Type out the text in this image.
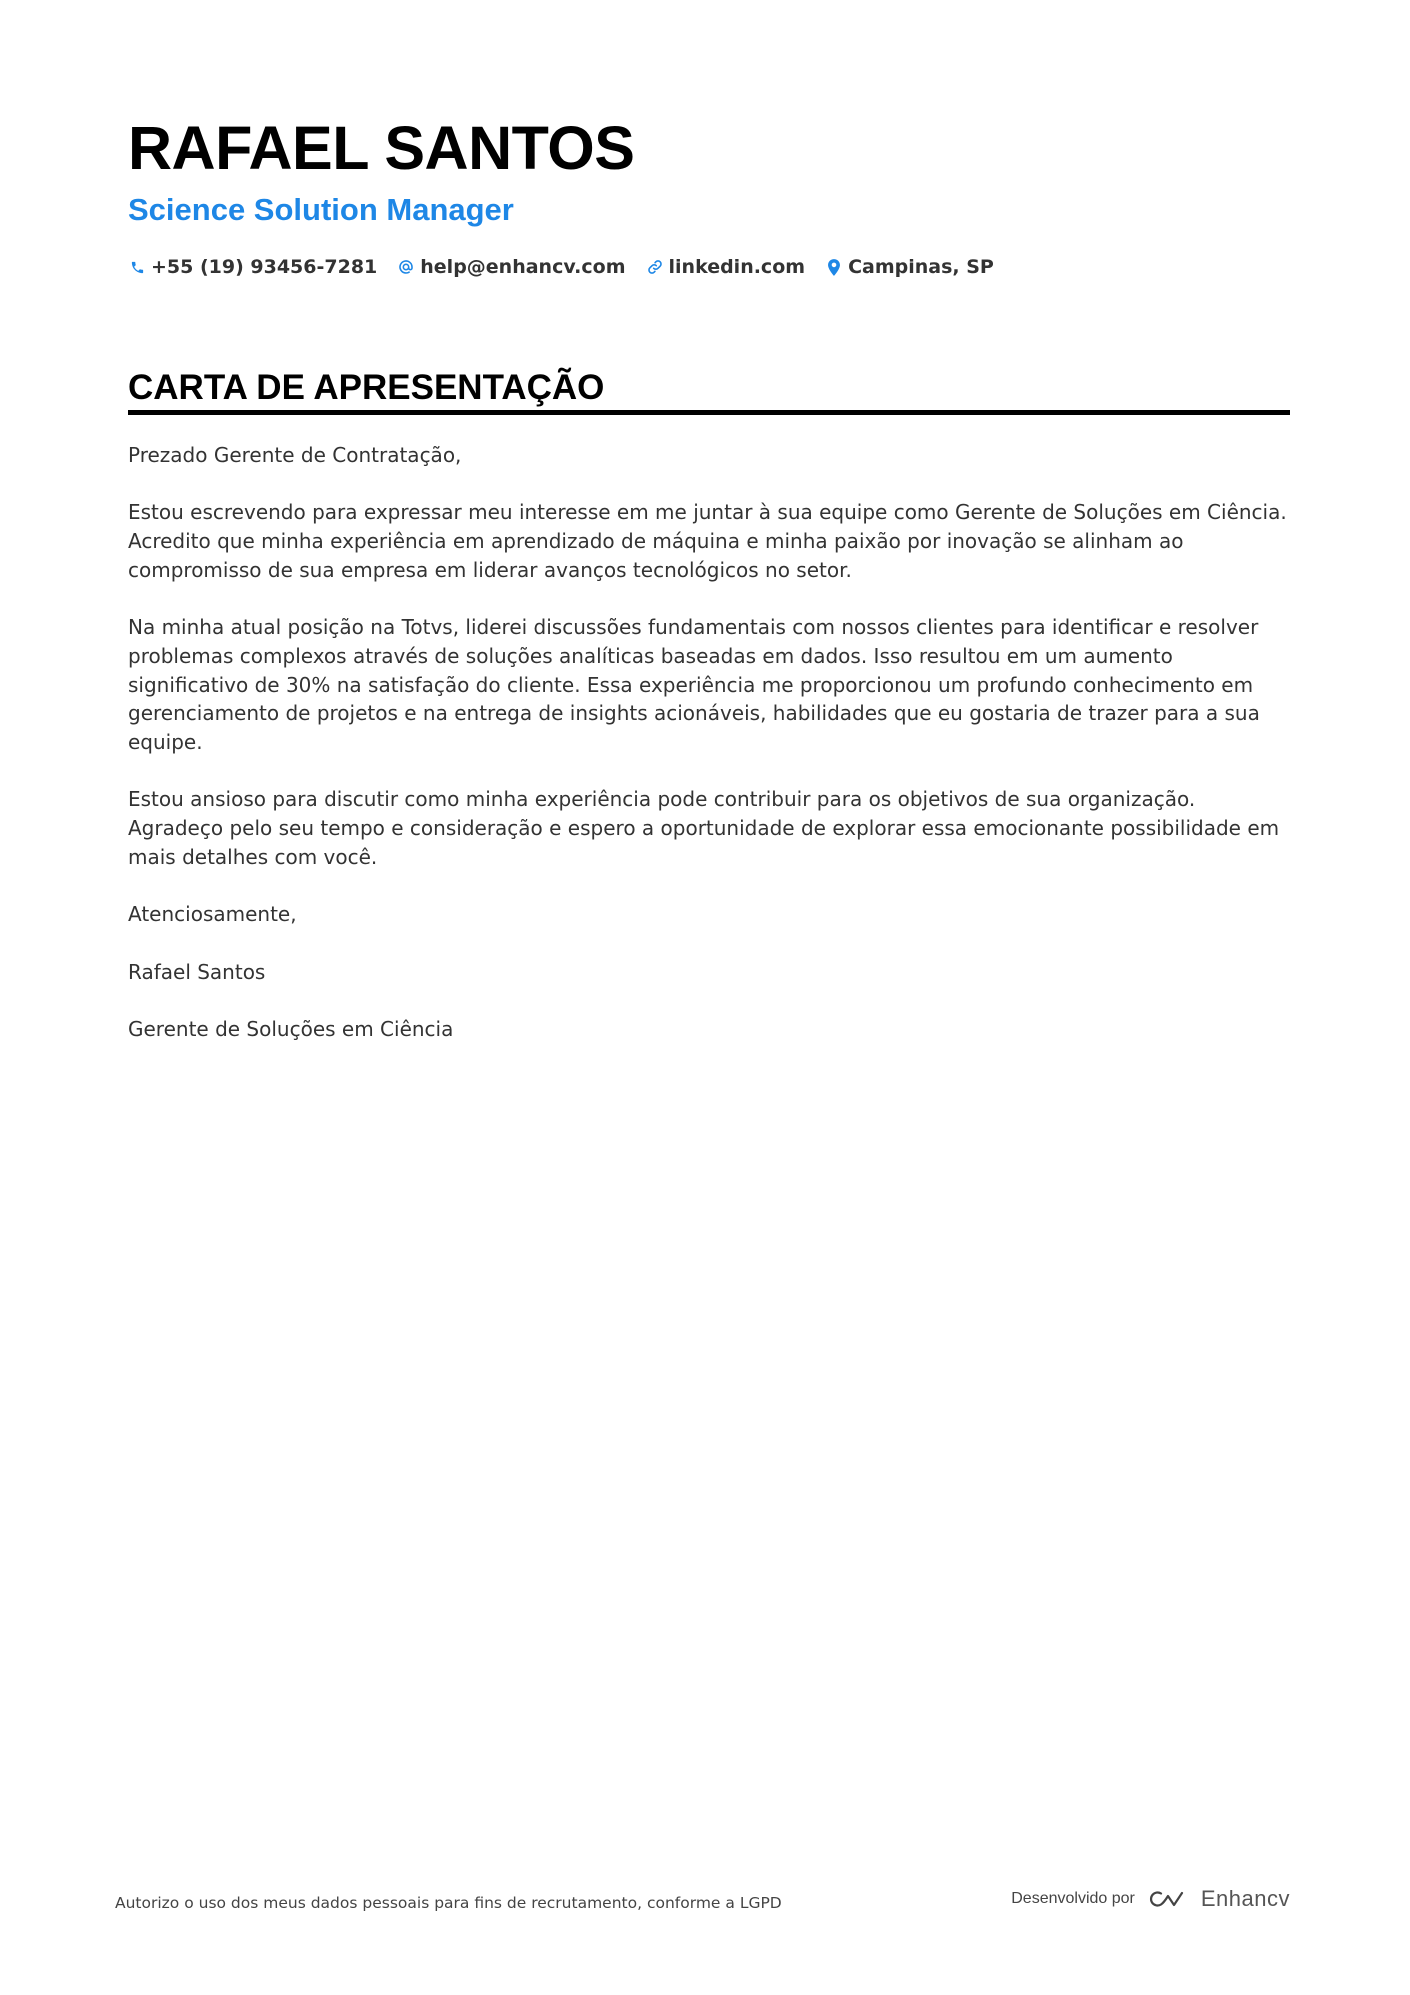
RAFAEL SANTOS
Science Solution Manager
+55 (19) 93456-7281 help@enhancv.com linkedin.com Campinas, SP
CARTA DE APRESENTAÇÃO

Prezado Gerente de Contratação,

Estou escrevendo para expressar meu interesse em me juntar à sua equipe como Gerente de Soluções em Ciência. Acredito que minha experiência em aprendizado de máquina e minha paixão por inovação se alinham ao compromisso de sua empresa em liderar avanços tecnológicos no setor.

Na minha atual posição na Totvs, liderei discussões fundamentais com nossos clientes para identificar e resolver problemas complexos através de soluções analíticas baseadas em dados. Isso resultou em um aumento significativo de 30% na satisfação do cliente. Essa experiência me proporcionou um profundo conhecimento em gerenciamento de projetos e na entrega de insights acionáveis, habilidades que eu gostaria de trazer para a sua equipe.

Estou ansioso para discutir como minha experiência pode contribuir para os objetivos de sua organização. Agradeço pelo seu tempo e consideração e espero a oportunidade de explorar essa emocionante possibilidade em mais detalhes com você.

Atenciosamente,

Rafael Santos

Gerente de Soluções em Ciência

Autorizo o uso dos meus dados pessoais para fins de recrutamento, conforme a LGPD	Desenvolvido por	Enhancv
